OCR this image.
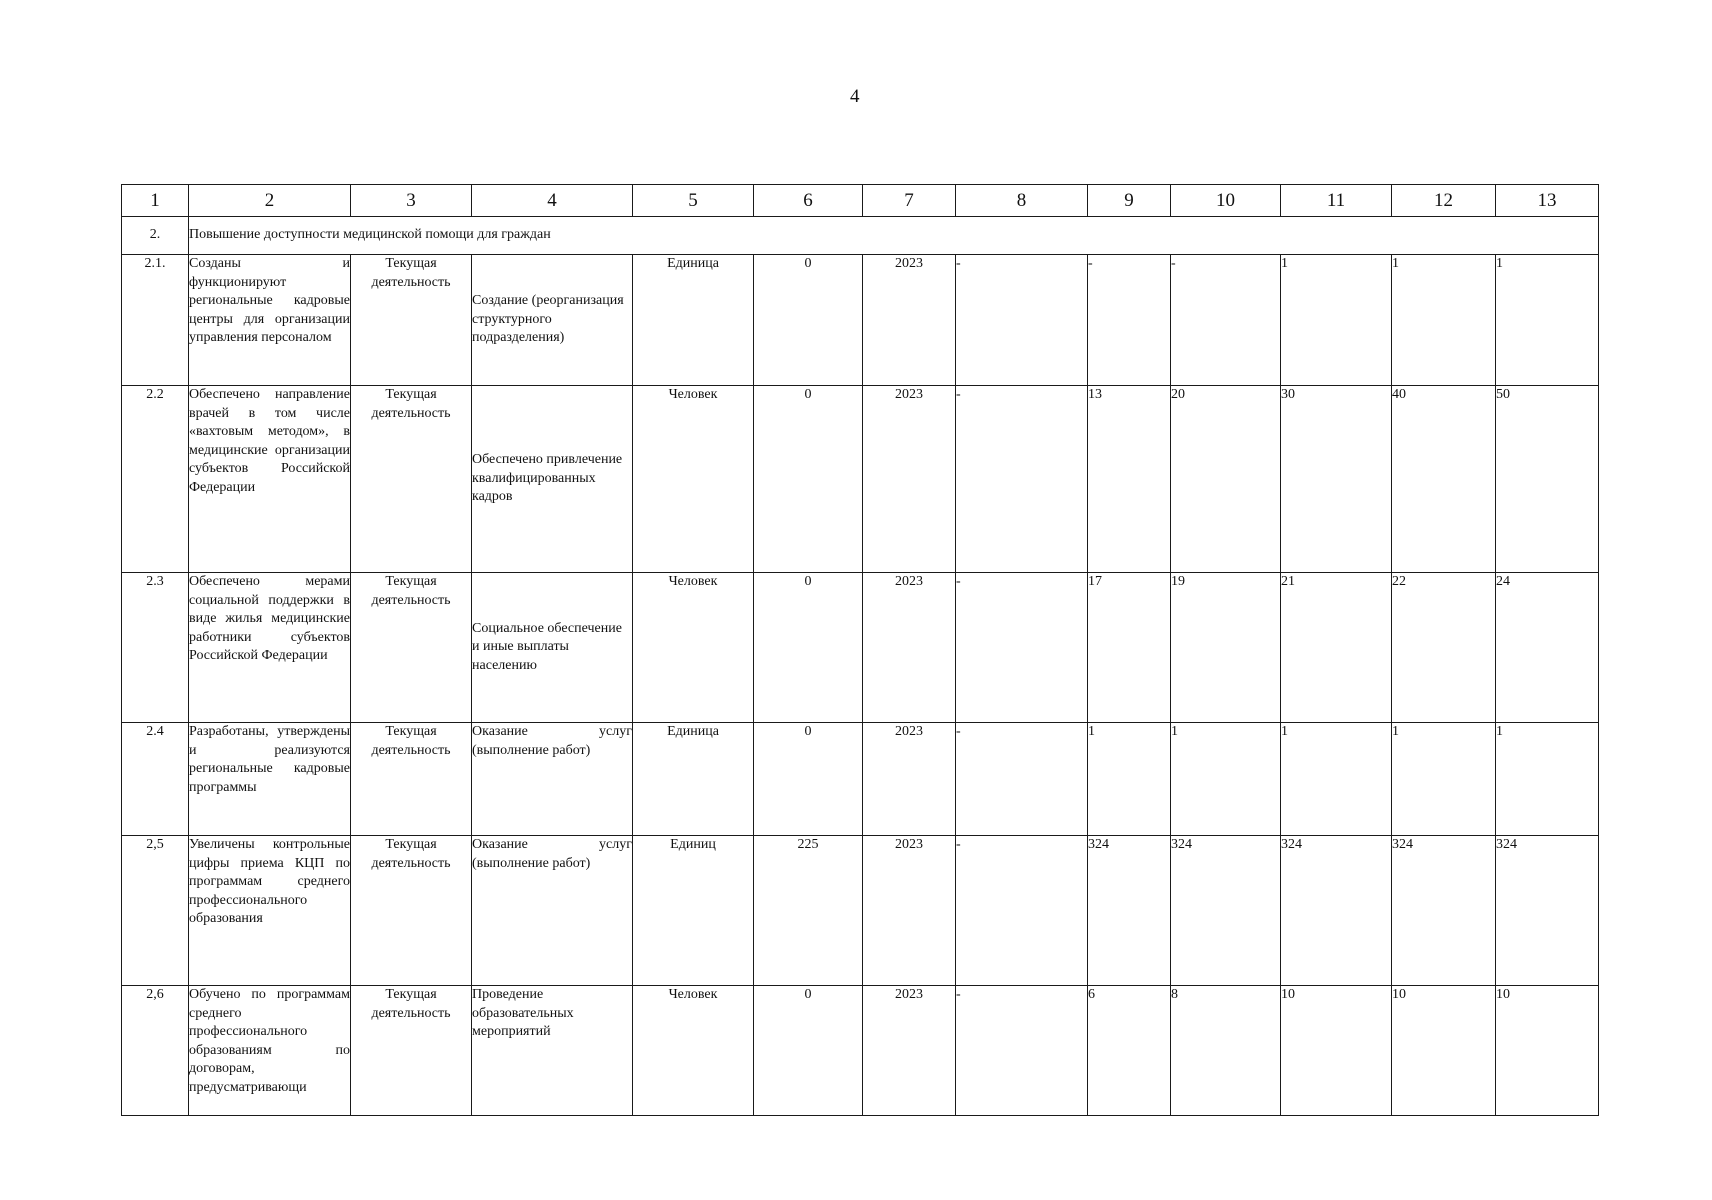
4
1	2	3	4	5	6	7	8	9	10	11	12	13
2.	Повышение доступности медицинской помощи для граждан											
2.1.	Созданы и функционируют региональные кадровые центры для организации управления персоналом	Текущая деятельность	Создание (реорганизация структурного подразделения)	Единица	0	2023	-	-	-	1	1	1
2.2	Обеспечено направление врачей в том числе «вахтовым методом», в медицинские организации субъектов Российской Федерации	Текущая деятельность	Обеспечено привлечение квалифицированных кадров	Человек	0	2023	-	13	20	30	40	50
2.3	Обеспечено мерами социальной поддержки в виде жилья медицинские работники субъектов Российской Федерации	Текущая деятельность	Социальное обеспечение и иные выплаты населению	Человек	0	2023	-	17	19	21	22	24
2.4	Разработаны, утверждены и реализуются региональные кадровые программы	Текущая деятельность	Оказание услуг (выполнение работ)	Единица	0	2023	-	1	1	1	1	1
2,5	Увеличены контрольные цифры приема КЦП по программам среднего профессионального образования	Текущая деятельность	Оказание услуг (выполнение работ)	Единиц	225	2023	-	324	324	324	324	324
2,6	Обучено по программам среднего профессионального образованиям по договорам, предусматривающи	Текущая деятельность	Проведение образовательных мероприятий	Человек	0	2023	-	6	8	10	10	10
